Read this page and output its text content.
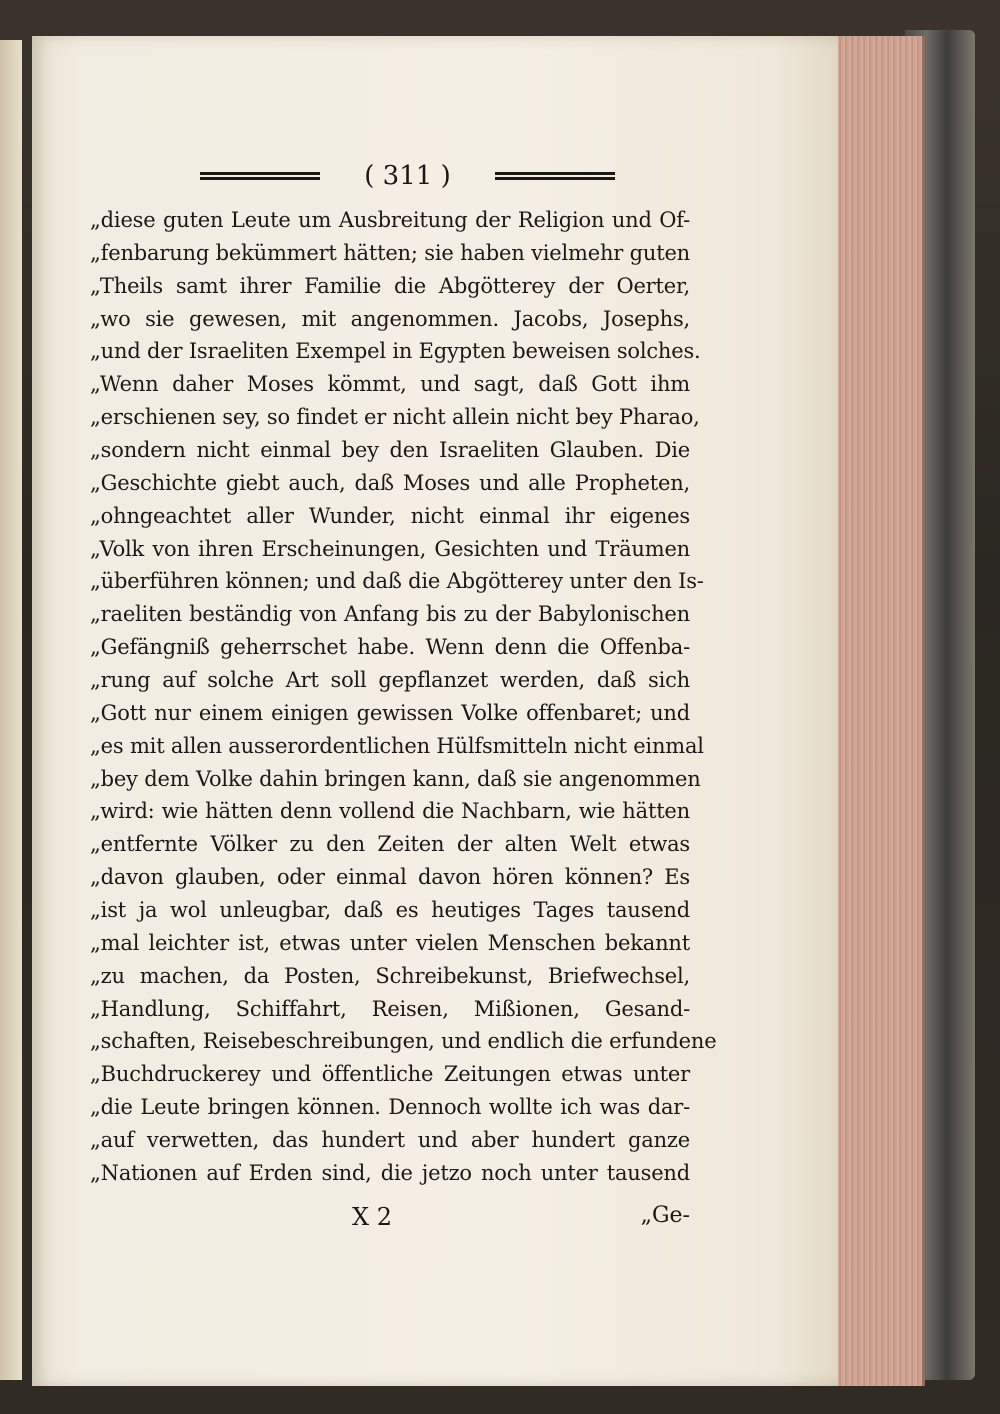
( 311 )
„diese guten Leute um Ausbreitung der Religion und Of-
„fenbarung bekümmert hätten; sie haben vielmehr guten
„Theils samt ihrer Familie die Abgötterey der Oerter,
„wo sie gewesen, mit angenommen. Jacobs, Josephs,
„und der Israeliten Exempel in Egypten beweisen solches.
„Wenn daher Moses kömmt, und sagt, daß Gott ihm
„erschienen sey, so findet er nicht allein nicht bey Pharao,
„sondern nicht einmal bey den Israeliten Glauben. Die
„Geschichte giebt auch, daß Moses und alle Propheten,
„ohngeachtet aller Wunder, nicht einmal ihr eigenes
„Volk von ihren Erscheinungen, Gesichten und Träumen
„überführen können; und daß die Abgötterey unter den Is-
„raeliten beständig von Anfang bis zu der Babylonischen
„Gefängniß geherrschet habe. Wenn denn die Offenba-
„rung auf solche Art soll gepflanzet werden, daß sich
„Gott nur einem einigen gewissen Volke offenbaret; und
„es mit allen ausserordentlichen Hülfsmitteln nicht einmal
„bey dem Volke dahin bringen kann, daß sie angenommen
„wird: wie hätten denn vollend die Nachbarn, wie hätten
„entfernte Völker zu den Zeiten der alten Welt etwas
„davon glauben, oder einmal davon hören können? Es
„ist ja wol unleugbar, daß es heutiges Tages tausend
„mal leichter ist, etwas unter vielen Menschen bekannt
„zu machen, da Posten, Schreibekunst, Briefwechsel,
„Handlung, Schiffahrt, Reisen, Mißionen, Gesand-
„schaften, Reisebeschreibungen, und endlich die erfundene
„Buchdruckerey und öffentliche Zeitungen etwas unter
„die Leute bringen können. Dennoch wollte ich was dar-
„auf verwetten, das hundert und aber hundert ganze
„Nationen auf Erden sind, die jetzo noch unter tausend
X 2	„Ge-
